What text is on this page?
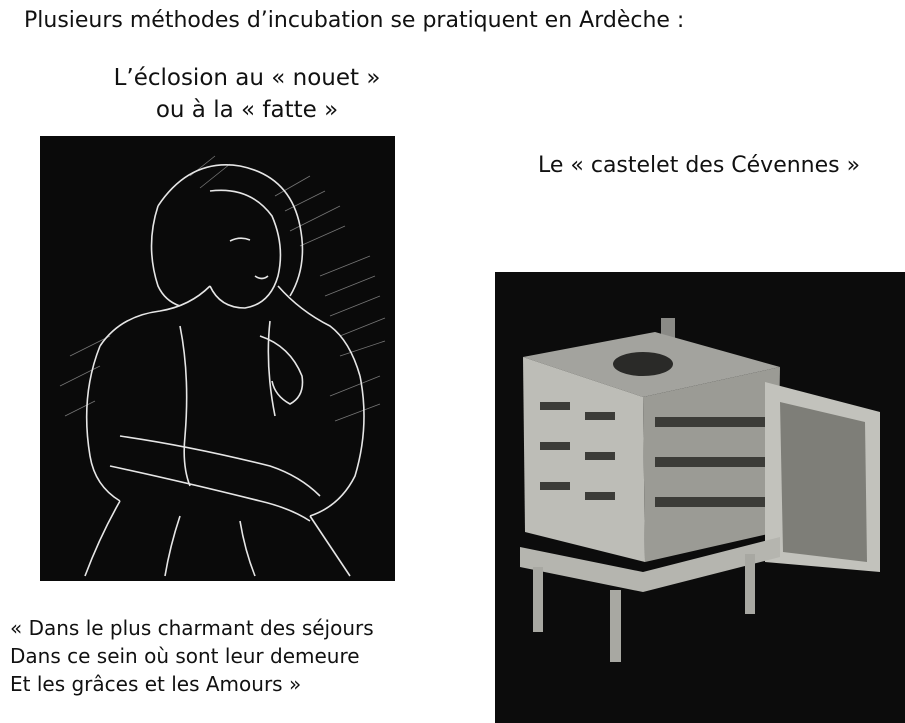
Plusieurs méthodes d’incubation se pratiquent en Ardèche :
L’éclosion au « nouet »
ou à la « fatte »
Le « castelet des Cévennes »
« Dans le plus charmant des séjours
Dans ce sein où sont leur demeure
Et les grâces et les Amours »
